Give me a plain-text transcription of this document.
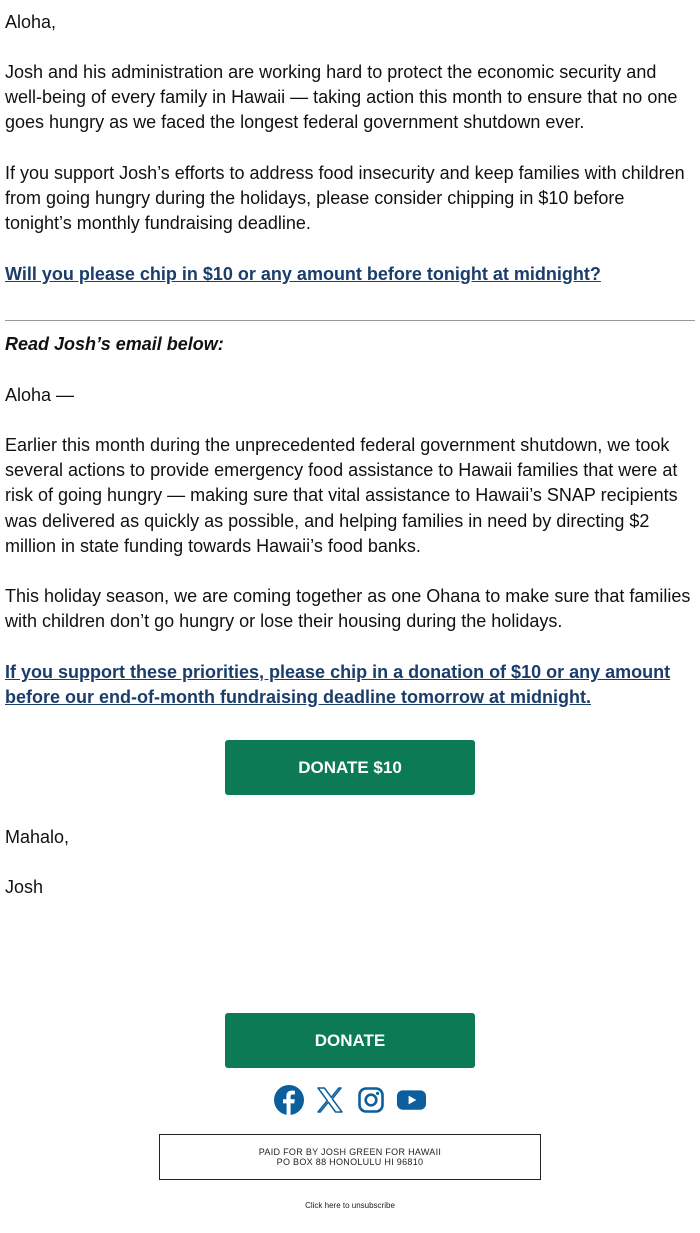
Aloha,

Josh and his administration are working hard to protect the economic security and well-being of every family in Hawaii — taking action this month to ensure that no one goes hungry as we faced the longest federal government shutdown ever.

If you support Josh’s efforts to address food insecurity and keep families with children from going hungry during the holidays, please consider chipping in $10 before tonight’s monthly fundraising deadline.

Will you please chip in $10 or any amount before tonight at midnight?

Read Josh’s email below:

Aloha —

Earlier this month during the unprecedented federal government shutdown, we took several actions to provide emergency food assistance to Hawaii families that were at risk of going hungry — making sure that vital assistance to Hawaii’s SNAP recipients was delivered as quickly as possible, and helping families in need by directing $2 million in state funding towards Hawaii’s food banks.

This holiday season, we are coming together as one Ohana to make sure that families with children don’t go hungry or lose their housing during the holidays.

If you support these priorities, please chip in a donation of $10 or any amount before our end-of-month fundraising deadline tomorrow at midnight.

Mahalo,

Josh

DONATE $10
DONATE
PAID FOR BY JOSH GREEN FOR HAWAII
PO BOX 88 HONOLULU HI 96810
Click here to unsubscribe
